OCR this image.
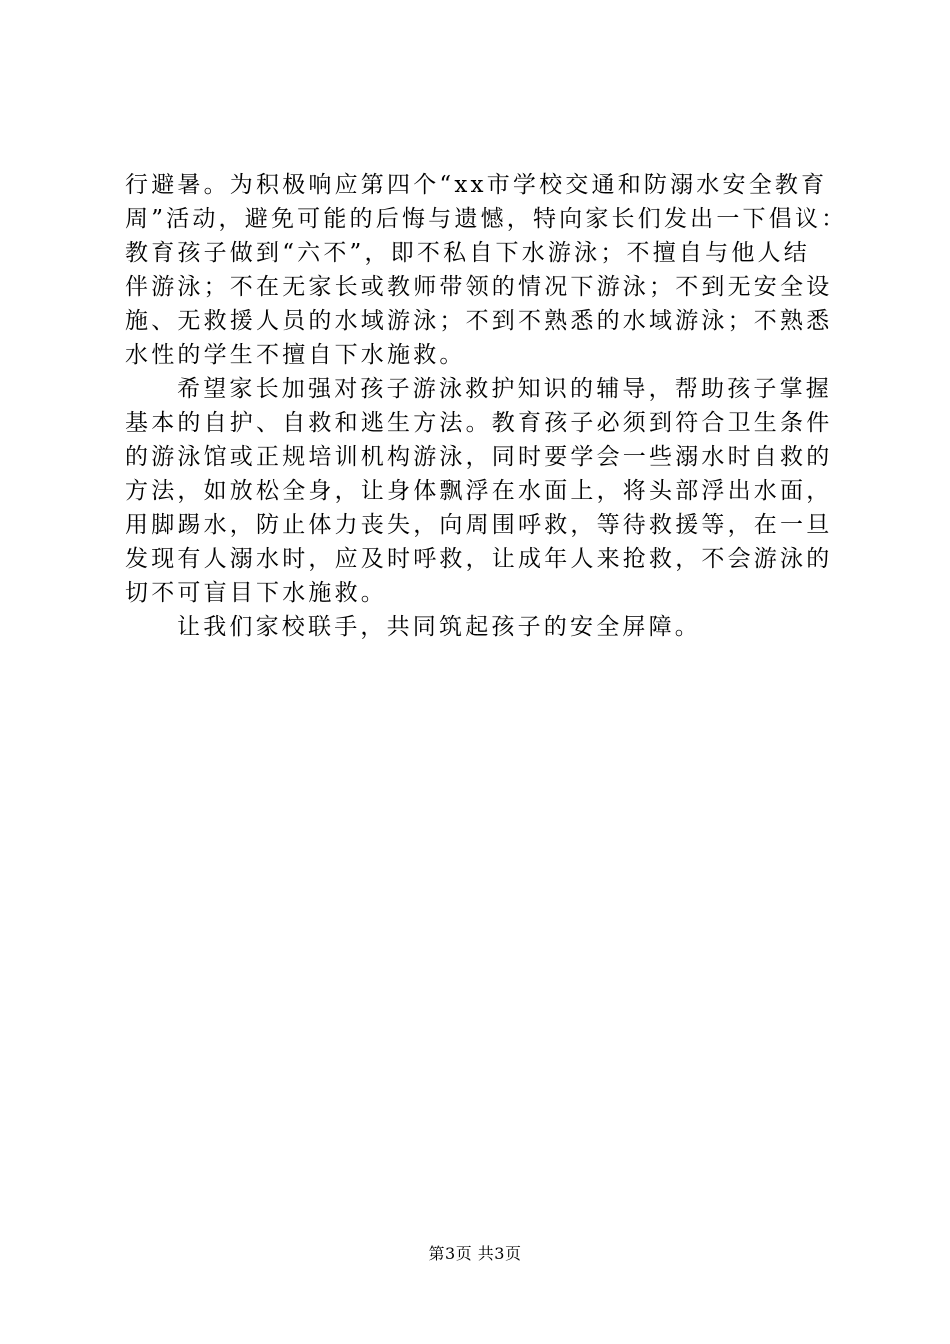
行避暑。为积极响应第四个“xx市学校交通和防溺水安全教育
周”活动，避免可能的后悔与遗憾，特向家长们发出一下倡议：
教育孩子做到“六不”，即不私自下水游泳；不擅自与他人结
伴游泳；不在无家长或教师带领的情况下游泳；不到无安全设
施、无救援人员的水域游泳；不到不熟悉的水域游泳；不熟悉
水性的学生不擅自下水施救。
希望家长加强对孩子游泳救护知识的辅导，帮助孩子掌握
基本的自护、自救和逃生方法。教育孩子必须到符合卫生条件
的游泳馆或正规培训机构游泳，同时要学会一些溺水时自救的
方法，如放松全身，让身体飘浮在水面上，将头部浮出水面，
用脚踢水，防止体力丧失，向周围呼救，等待救援等，在一旦
发现有人溺水时，应及时呼救，让成年人来抢救，不会游泳的
切不可盲目下水施救。
让我们家校联手，共同筑起孩子的安全屏障。
第3页 共3页
